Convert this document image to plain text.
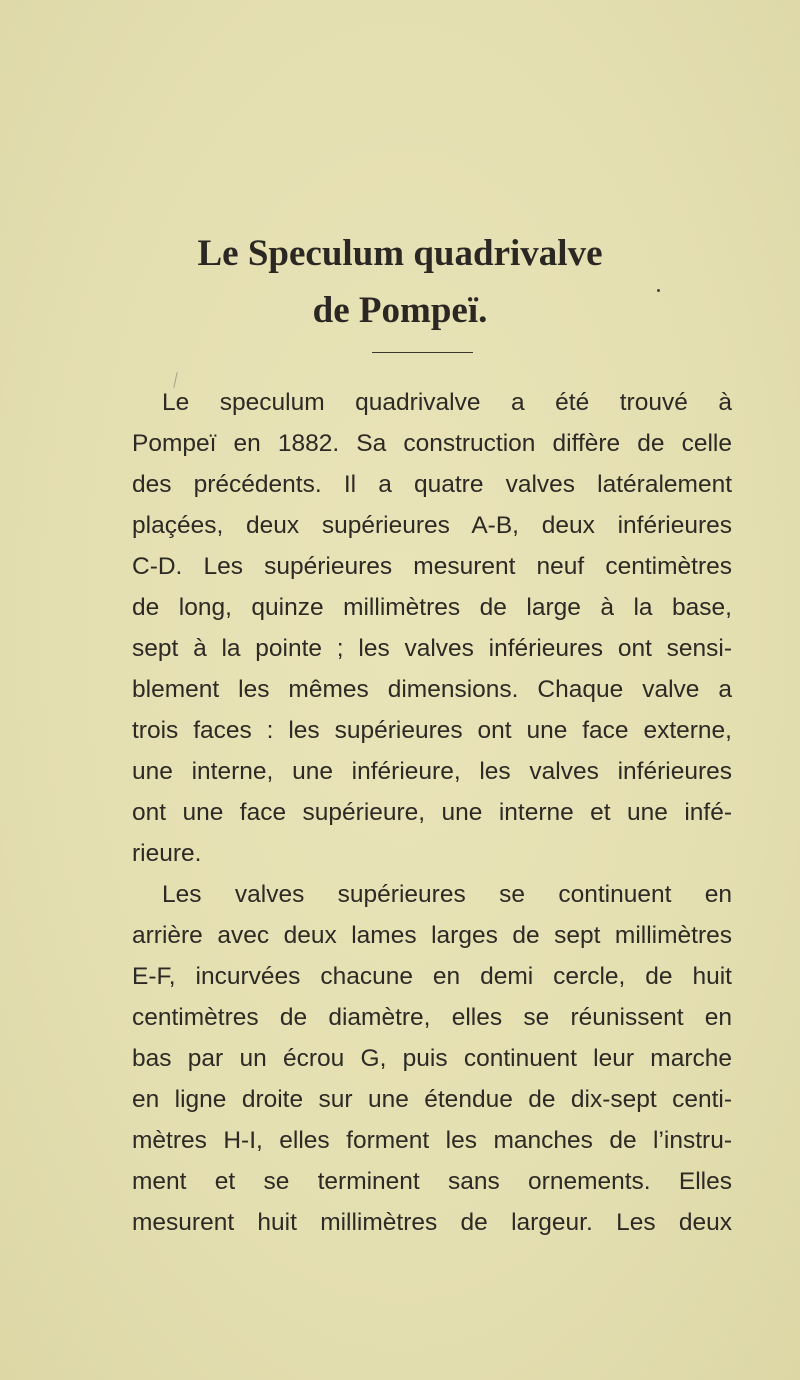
Le Speculum quadrivalve
de Pompeï.
Le speculum quadrivalve a été trouvé à
Pompeï en 1882. Sa construction diffère de celle
des précédents. Il a quatre valves latéralement
plaçées, deux supérieures A-B, deux inférieures
C-D. Les supérieures mesurent neuf centimètres
de long, quinze millimètres de large à la base,
sept à la pointe ; les valves inférieures ont sensi-
blement les mêmes dimensions. Chaque valve a
trois faces : les supérieures ont une face externe,
une interne, une inférieure, les valves inférieures
ont une face supérieure, une interne et une infé-
rieure.
Les valves supérieures se continuent en
arrière avec deux lames larges de sept millimètres
E-F, incurvées chacune en demi cercle, de huit
centimètres de diamètre, elles se réunissent en
bas par un écrou G, puis continuent leur marche
en ligne droite sur une étendue de dix-sept centi-
mètres H-I, elles forment les manches de l’instru-
ment et se terminent sans ornements. Elles
mesurent huit millimètres de largeur. Les deux
